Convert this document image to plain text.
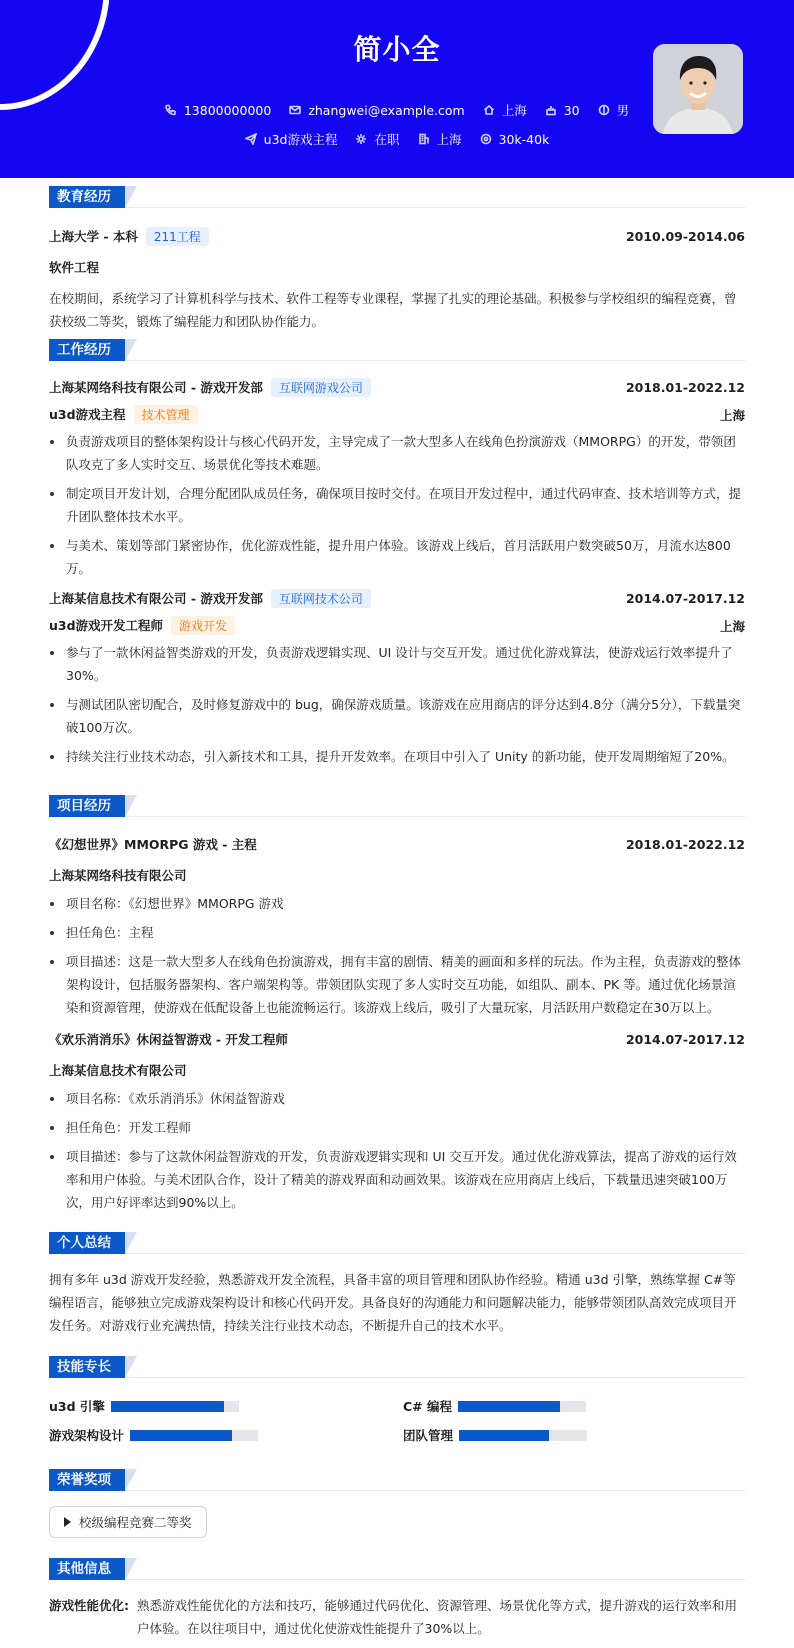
简小全
13800000000	zhangwei@example.com	上海	30	男
u3d游戏主程	在职	上海	30k-40k
教育经历
上海大学 - 本科 211工程	2010.09-2014.06
软件工程

在校期间，系统学习了计算机科学与技术、软件工程等专业课程，掌握了扎实的理论基础。积极参与学校组织的编程竞赛，曾获校级二等奖，锻炼了编程能力和团队协作能力。

工作经历
上海某网络科技有限公司 - 游戏开发部 互联网游戏公司	2018.01-2022.12
u3d游戏主程 技术管理	上海
负责游戏项目的整体架构设计与核心代码开发，主导完成了一款大型多人在线角色扮演游戏（MMORPG）的开发，带领团队攻克了多人实时交互、场景优化等技术难题。
制定项目开发计划，合理分配团队成员任务，确保项目按时交付。在项目开发过程中，通过代码审查、技术培训等方式，提升团队整体技术水平。
与美术、策划等部门紧密协作，优化游戏性能，提升用户体验。该游戏上线后，首月活跃用户数突破50万，月流水达800万。
上海某信息技术有限公司 - 游戏开发部 互联网技术公司	2014.07-2017.12
u3d游戏开发工程师 游戏开发	上海
参与了一款休闲益智类游戏的开发，负责游戏逻辑实现、UI 设计与交互开发。通过优化游戏算法，使游戏运行效率提升了30%。
与测试团队密切配合，及时修复游戏中的 bug，确保游戏质量。该游戏在应用商店的评分达到4.8分（满分5分），下载量突破100万次。
持续关注行业技术动态，引入新技术和工具，提升开发效率。在项目中引入了 Unity 的新功能，使开发周期缩短了20%。
项目经历
《幻想世界》MMORPG 游戏 - 主程	2018.01-2022.12
上海某网络科技有限公司
项目名称：《幻想世界》MMORPG 游戏
担任角色：主程
项目描述：这是一款大型多人在线角色扮演游戏，拥有丰富的剧情、精美的画面和多样的玩法。作为主程，负责游戏的整体架构设计，包括服务器架构、客户端架构等。带领团队实现了多人实时交互功能，如组队、副本、PK 等。通过优化场景渲染和资源管理，使游戏在低配设备上也能流畅运行。该游戏上线后，吸引了大量玩家，月活跃用户数稳定在30万以上。
《欢乐消消乐》休闲益智游戏 - 开发工程师	2014.07-2017.12
上海某信息技术有限公司
项目名称：《欢乐消消乐》休闲益智游戏
担任角色：开发工程师
项目描述：参与了这款休闲益智游戏的开发，负责游戏逻辑实现和 UI 交互开发。通过优化游戏算法，提高了游戏的运行效率和用户体验。与美术团队合作，设计了精美的游戏界面和动画效果。该游戏在应用商店上线后，下载量迅速突破100万次，用户好评率达到90%以上。
个人总结

拥有多年 u3d 游戏开发经验，熟悉游戏开发全流程，具备丰富的项目管理和团队协作经验。精通 u3d 引擎，熟练掌握 C#等编程语言，能够独立完成游戏架构设计和核心代码开发。具备良好的沟通能力和问题解决能力，能够带领团队高效完成项目开发任务。对游戏行业充满热情，持续关注行业技术动态，不断提升自己的技术水平。

技能专长
u3d 引擎	C# 编程
游戏架构设计	团队管理
荣誉奖项
校级编程竞赛二等奖
其他信息
游戏性能优化: 熟悉游戏性能优化的方法和技巧，能够通过代码优化、资源管理、场景优化等方式，提升游戏的运行效率和用户体验。在以往项目中，通过优化使游戏性能提升了30%以上。
